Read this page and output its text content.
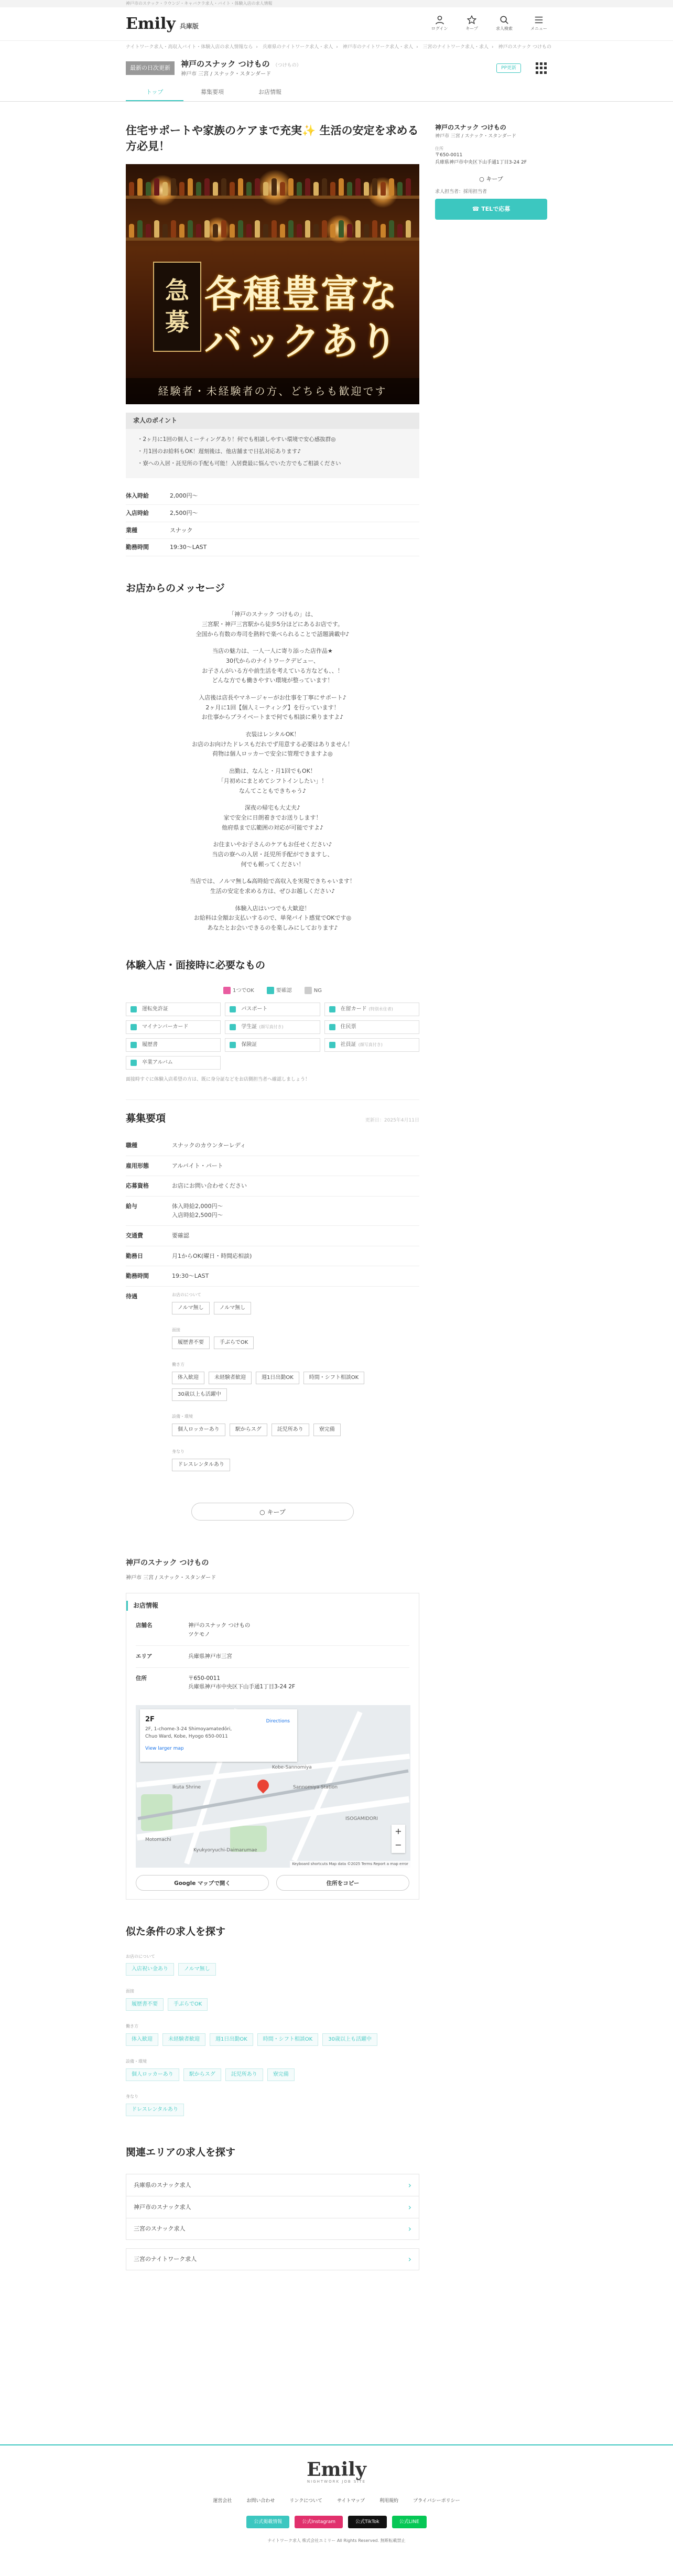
神戸市のスナック・ラウンジ・キャバクラ求人・バイト・体験入店の求人情報
Emily 兵庫版	ログイン	キープ	求人検索	メニュー
ナイトワーク求人・高収入バイト・体験入店の求人情報なら › 兵庫県のナイトワーク求人・求人 › 神戸市のナイトワーク求人・求人 › 三宮のナイトワーク求人・求人 › 神戸のスナック つけもの
最新の日次更新	神戸のスナック つけもの （つけもの）
神戸市 三宮 / スナック・スタンダード
PP更新
トップ	募集要項	お店情報
住宅サポートや家族のケアまで充実✨ 生活の安定を求める方必見！
急
募
各種豊富な
バックあり
経験者・未経験者の方、どちらも歓迎です
求人のポイント
・ 2ヶ月に1回の個人ミーティングあり！何でも相談しやすい環境で安心感抜群◎
・ 月1回のお給料もOK！遅刻後は、他店舗まで日払対応あります♪
・ 寮への入居・託児所の手配も可能！入居費最に悩んでいた方でもご相談ください
体入時給	2,000円〜
入店時給	2,500円〜
業種	スナック
勤務時間	19:30〜LAST
お店からのメッセージ

「神戸のスナック つけもの」は、
三宮駅・神戸三宮駅から徒歩5分ほどにあるお店です。
全国から有数の寿司を熱料で楽べられることで話題満載中♪

当店の魅力は、一人一人に寄り添った店作品★
30代からのナイトワークデビュー、
お子さんがいる方や前生活を考えている方なども、、！
どんな方でも働きやすい環境が整っています！

入店後は店長やマネージャーがお仕事を丁寧にサポート♪
2ヶ月に1回【個人ミーティング】を行っています！
お仕事からプライベートまで何でも相談に乗りますよ♪

衣装はレンタルOK！
お店のお向けたドレスもだれでず用意する必要はありません！
荷物は個人ロッカーで安全に管理できますよ◎

出勤は、なんと・月1回でもOK！
「月初めにまとめてシフトインしたい」！
なんてこともできちゃう♪

深夜の帰宅も大丈夫♪
家で安全に日朗着きでお送りします！
他府県まで広範囲の対応が可能ですよ♪

お住まいやお子さんのケアもお任せください♪
当店の寮への入居・託児所手配ができますし、
何でも頼ってください！

当店では、ノルマ無し&高時給で高収入を実現できちゃいます！
生活の安定を求める方は、ぜひお越しください♪

体験入店はいつでも大歓迎！
お給料は全額お支払いするので、単発バイト感覚でOKです◎
あなたとお会いできるのを楽しみにしております♪

体験入店・面接時に必要なもの
1つでOK	要確認	NG
運転免許証	パスポート	在留カード (特別永住者)
マイナンバーカード	学生証 (顔写真付き)	住民票
履歴書	保険証	社員証 (顔写真付き)
卒業アルバム
面接時すぐに体験入店希望の方は、既に身分証などをお店側担当者へ確認しましょう！
募集要項	更新日：2025年4月11日
職種	スナックのカウンターレディ
雇用形態	アルバイト・パート
応募資格	お店にお問い合わせください
給与	体入時給2,000円〜
入店時給2,500円〜
交通費	要確認
勤務日	月1からOK(曜日・時間応相談)
勤務時間	19:30〜LAST
待遇	お店のについて
ノルマ無し	ノルマ無し
面接
履歴書不要	手ぶらでOK
働き方
体入歓迎	未経験者歓迎	週1日出勤OK	時間・シフト相談OK30歳以上も活躍中
設備・環境
個人ロッカーあり	駅からスグ	託児所あり	寮完備
身なり
ドレスレンタルあり
○ キープ
神戸のスナック つけもの
神戸市 三宮 / スナック・スタンダード
お店情報
店舗名	神戸のスナック つけもの
ツケモノ
エリア	兵庫県神戸市三宮
住所	〒650-0011
兵庫県神戸市中央区下山手通1丁目3-24 2F
Sannomiya Station
Kobe-Sannomiya
Motomachi
Kyukyoryuchi-Daimarumae
Ikuta Shrine
ISOGAMIDORI
2F
2F, 1-chome-3-24 Shimoyamatedōri,
Chuo Ward, Kobe, Hyogo 650-0011
View larger map
Directions
+
−
Keyboard shortcuts Map data ©2025 Terms Report a map error
Google マップで開く	住所をコピー
似た条件の求人を探す
お店のについて
入店祝い金あり	ノルマ無し
面接
履歴書不要	手ぶらでOK
働き方
体入歓迎	未経験者歓迎	週1日出勤OK	時間・シフト相談OK	30歳以上も活躍中
設備・環境
個人ロッカーあり	駅からスグ	託児所あり	寮完備
身なり
ドレスレンタルあり
関連エリアの求人を探す
兵庫県のスナック求人	›
神戸市のスナック求人	›
三宮のスナック求人	›
三宮のナイトワーク求人	›
神戸のスナック つけもの
神戸市 三宮 / スナック・スタンダード
住所
〒650-0011
兵庫県神戸市中央区下山手通1丁目3-24 2F
○ キープ
求人担当者：採用担当者
☎ TELで応募
Emily
NIGHTWORK JOB SITE
運営会社	お問い合わせ	リンクについて	サイトマップ	利用規約	プライバシーポリシー
公式掲載情報	公式Instagram	公式TikTok	公式LINE
ナイトワーク求人 株式会社エミリー All Rights Reserved. 無断転載禁止
